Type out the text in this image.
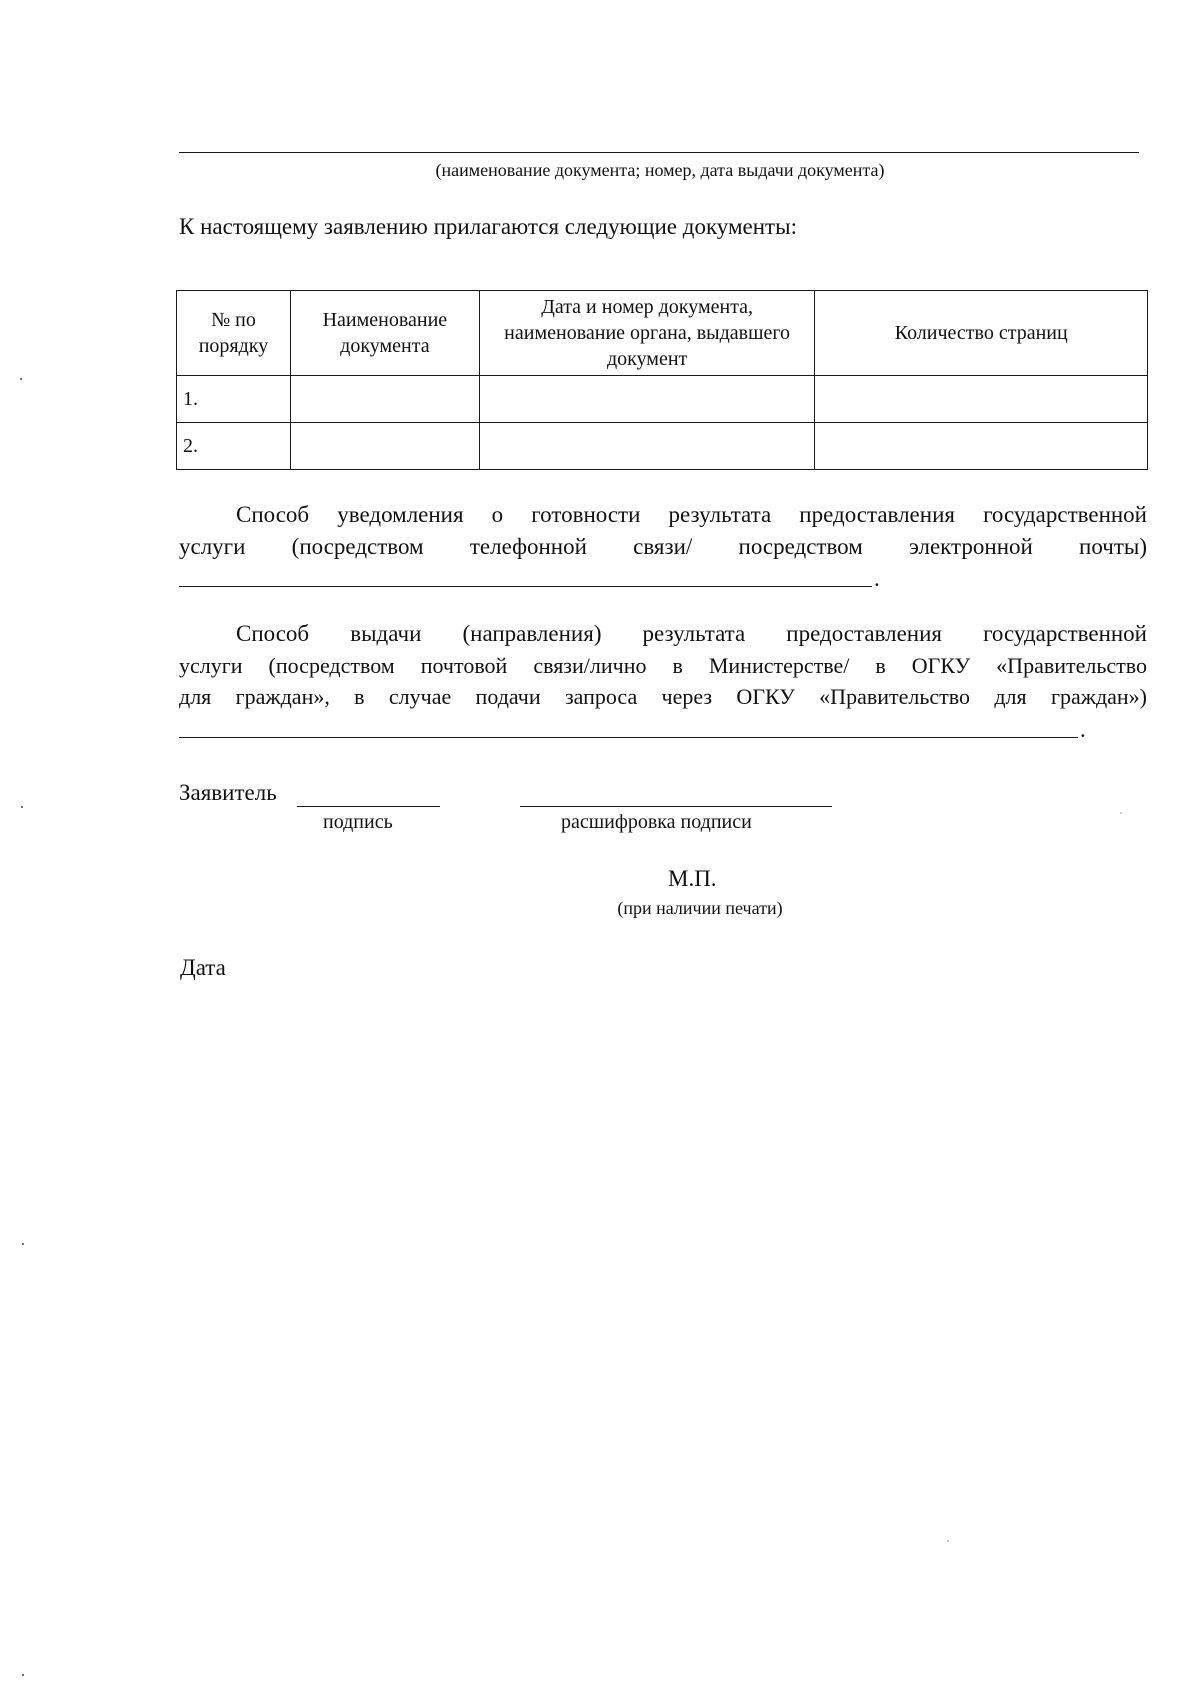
(наименование документа; номер, дата выдачи документа)
К настоящему заявлению прилагаются следующие документы:
№ по порядку	Наименование документа	Дата и номер документа, наименование органа, выдавшего документ	Количество страниц
1.			
2.			
Способ уведомления о готовности результата предоставления государственной
услуги (посредством телефонной связи/ посредством электронной почты)
.
Способ выдачи (направления) результата предоставления государственной
услуги (посредством почтовой связи/лично в Министерстве/ в ОГКУ «Правительство
для граждан», в случае подачи запроса через ОГКУ «Правительство для граждан»)
.
Заявитель
подпись	расшифровка подписи
М.П.
(при наличии печати)
Дата
